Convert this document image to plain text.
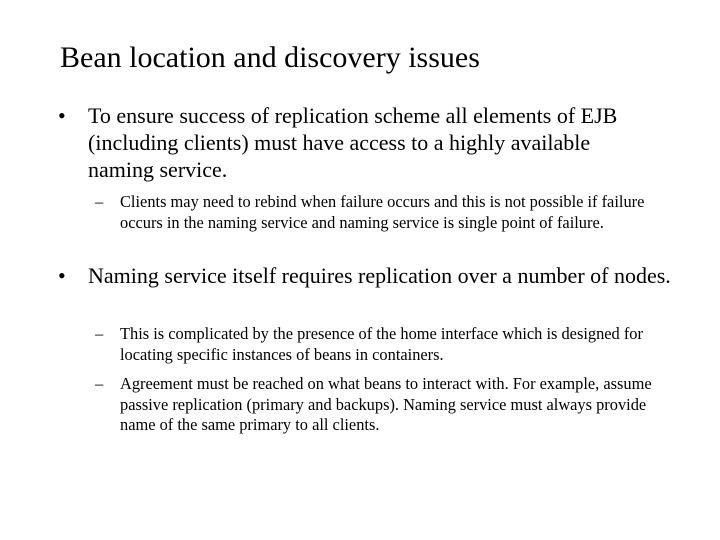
Bean location and discovery issues
•	To ensure success of replication scheme all elements of EJB (including clients) must have access to a highly available naming service.
–	Clients may need to rebind when failure occurs and this is not possible if failure occurs in the naming service and naming service is single point of failure.
•	Naming service itself requires replication over a number of nodes.
–	This is complicated by the presence of the home interface which is designed for locating specific instances of beans in containers.
–	Agreement must be reached on what beans to interact with. For example, assume passive replication (primary and backups). Naming service must always provide name of the same primary to all clients.
